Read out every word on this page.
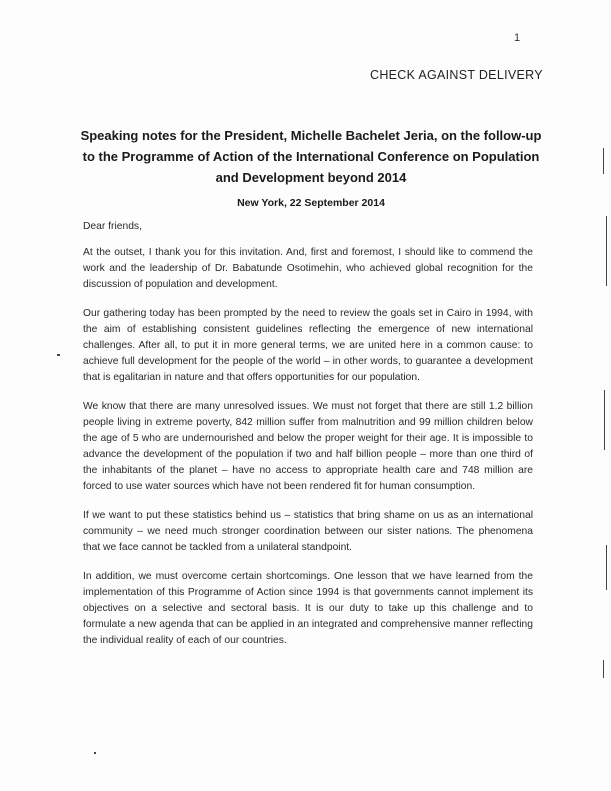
1
CHECK AGAINST DELIVERY
Speaking notes for the President, Michelle Bachelet Jeria, on the follow-up to the Programme of Action of the International Conference on Population and Development beyond 2014
New York, 22 September 2014

Dear friends,

At the outset, I thank you for this invitation. And, first and foremost, I should like to commend the work and the leadership of Dr. Babatunde Osotimehin, who achieved global recognition for the discussion of population and development.

Our gathering today has been prompted by the need to review the goals set in Cairo in 1994, with the aim of establishing consistent guidelines reflecting the emergence of new international challenges. After all, to put it in more general terms, we are united here in a common cause: to achieve full development for the people of the world – in other words, to guarantee a development that is egalitarian in nature and that offers opportunities for our population.

We know that there are many unresolved issues. We must not forget that there are still 1.2 billion people living in extreme poverty, 842 million suffer from malnutrition and 99 million children below the age of 5 who are undernourished and below the proper weight for their age. It is impossible to advance the development of the population if two and half billion people – more than one third of the inhabitants of the planet – have no access to appropriate health care and 748 million are forced to use water sources which have not been rendered fit for human consumption.

If we want to put these statistics behind us – statistics that bring shame on us as an international community – we need much stronger coordination between our sister nations. The phenomena that we face cannot be tackled from a unilateral standpoint.

In addition, we must overcome certain shortcomings. One lesson that we have learned from the implementation of this Programme of Action since 1994 is that governments cannot implement its objectives on a selective and sectoral basis. It is our duty to take up this challenge and to formulate a new agenda that can be applied in an integrated and comprehensive manner reflecting the individual reality of each of our countries.
